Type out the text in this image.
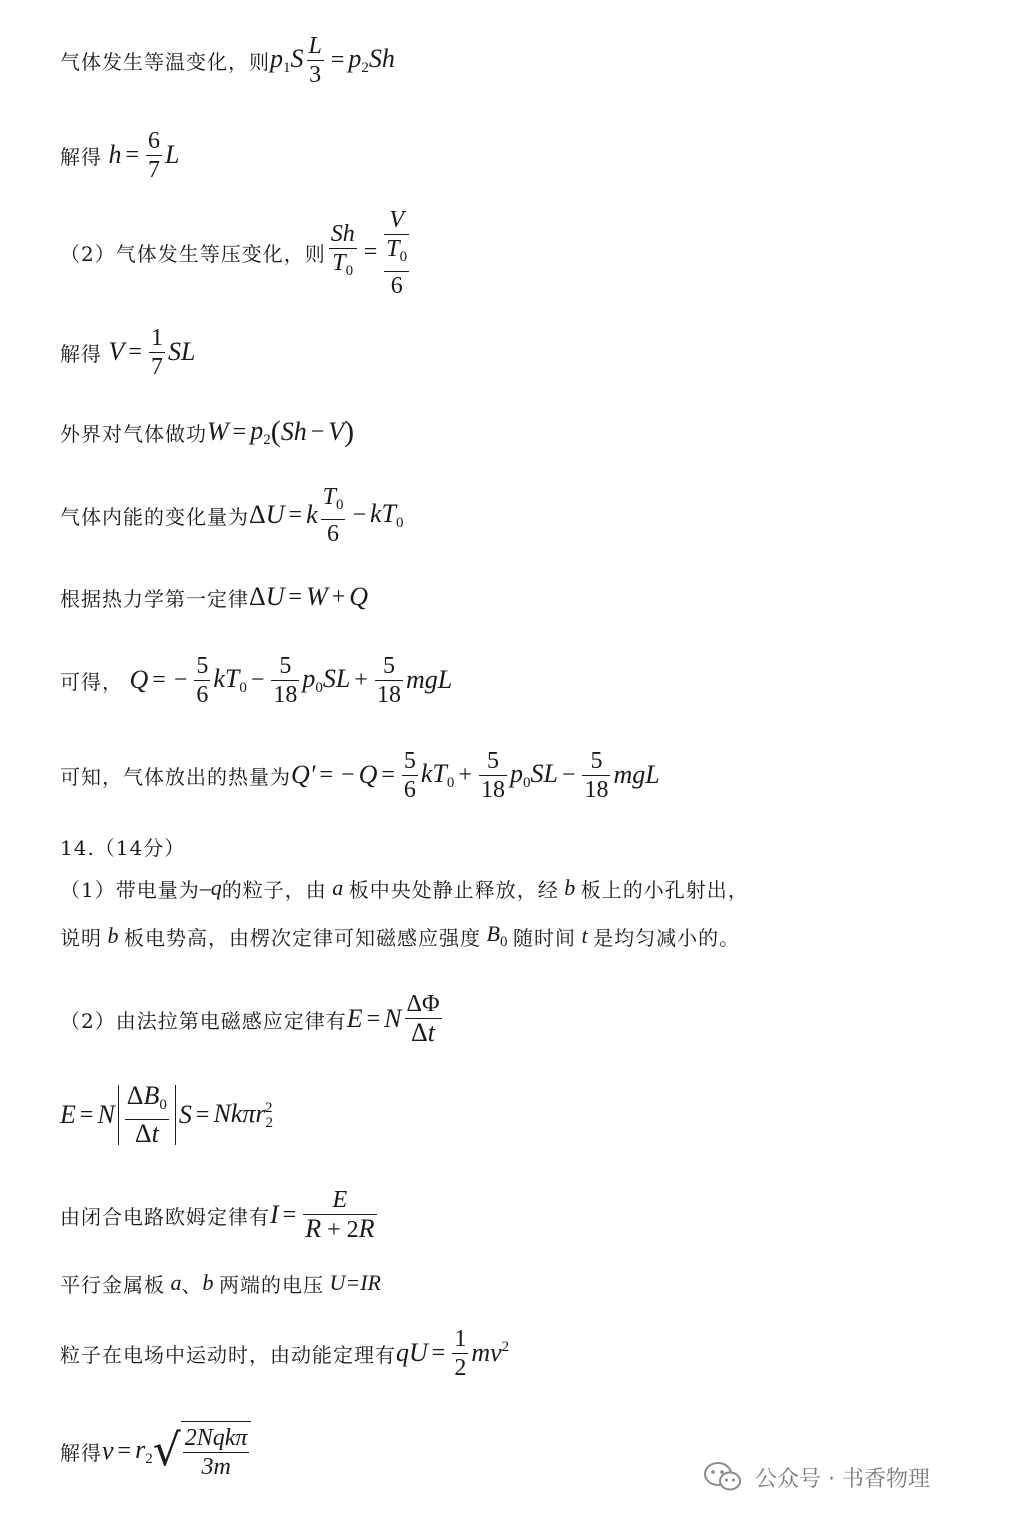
气体发生等温变化，则 $p_1S \frac{L}{3} = p_2Sh$
解得 $h = \frac{6}{7}$ L
（2）气体发生等压变化，则 $\frac{Sh}{T_0} = \frac{V}{\frac{T_0}{6}}$
解得 $V = \frac{1}{7}$ SL
外界对气体做功 $W = p_2$ ( Sh − V )
气体内能的变化量为 Δ U = k $\frac{T_0}{6} - kT_0$
根据热力学第一定律 Δ U = W + Q
可得， Q = − $\frac{5}{6} kT_0 - \frac{5}{18} p_0SL + \frac{5}{18}$ mgL
可知，气体放出的热量为 Q′ = − $Q = \frac{5}{6} kT_0 + \frac{5}{18} p_0SL - \frac{5}{18}$ mgL
14.（14分）
（1）带电量为 –q 的粒子，由 a 板中央处静止释放，经 b 板上的小孔射出，
说明 b 板电势高，由楞次定律可知磁感应强度 $B_0$ 随时间 t 是均匀减小的。
（2）由法拉第电磁感应定律有 E = N $\frac{\Delta\Phi}{\Delta t}$
E = N $\frac{\Delta B_0}{\Delta t}$ S = Nkπr$_2^2$
由闭合电路欧姆定律有 $I = \frac{E}{R + 2R}$
平行金属板 a 、 b 两端的电压 U=IR
粒子在电场中运动时，由动能定理有 qU = $\frac{1}{2} mv^2$
解得 $v = r_2$ √ $\frac{\text{2Nqkπ}}{3m}$	公众号 · 书香物理
